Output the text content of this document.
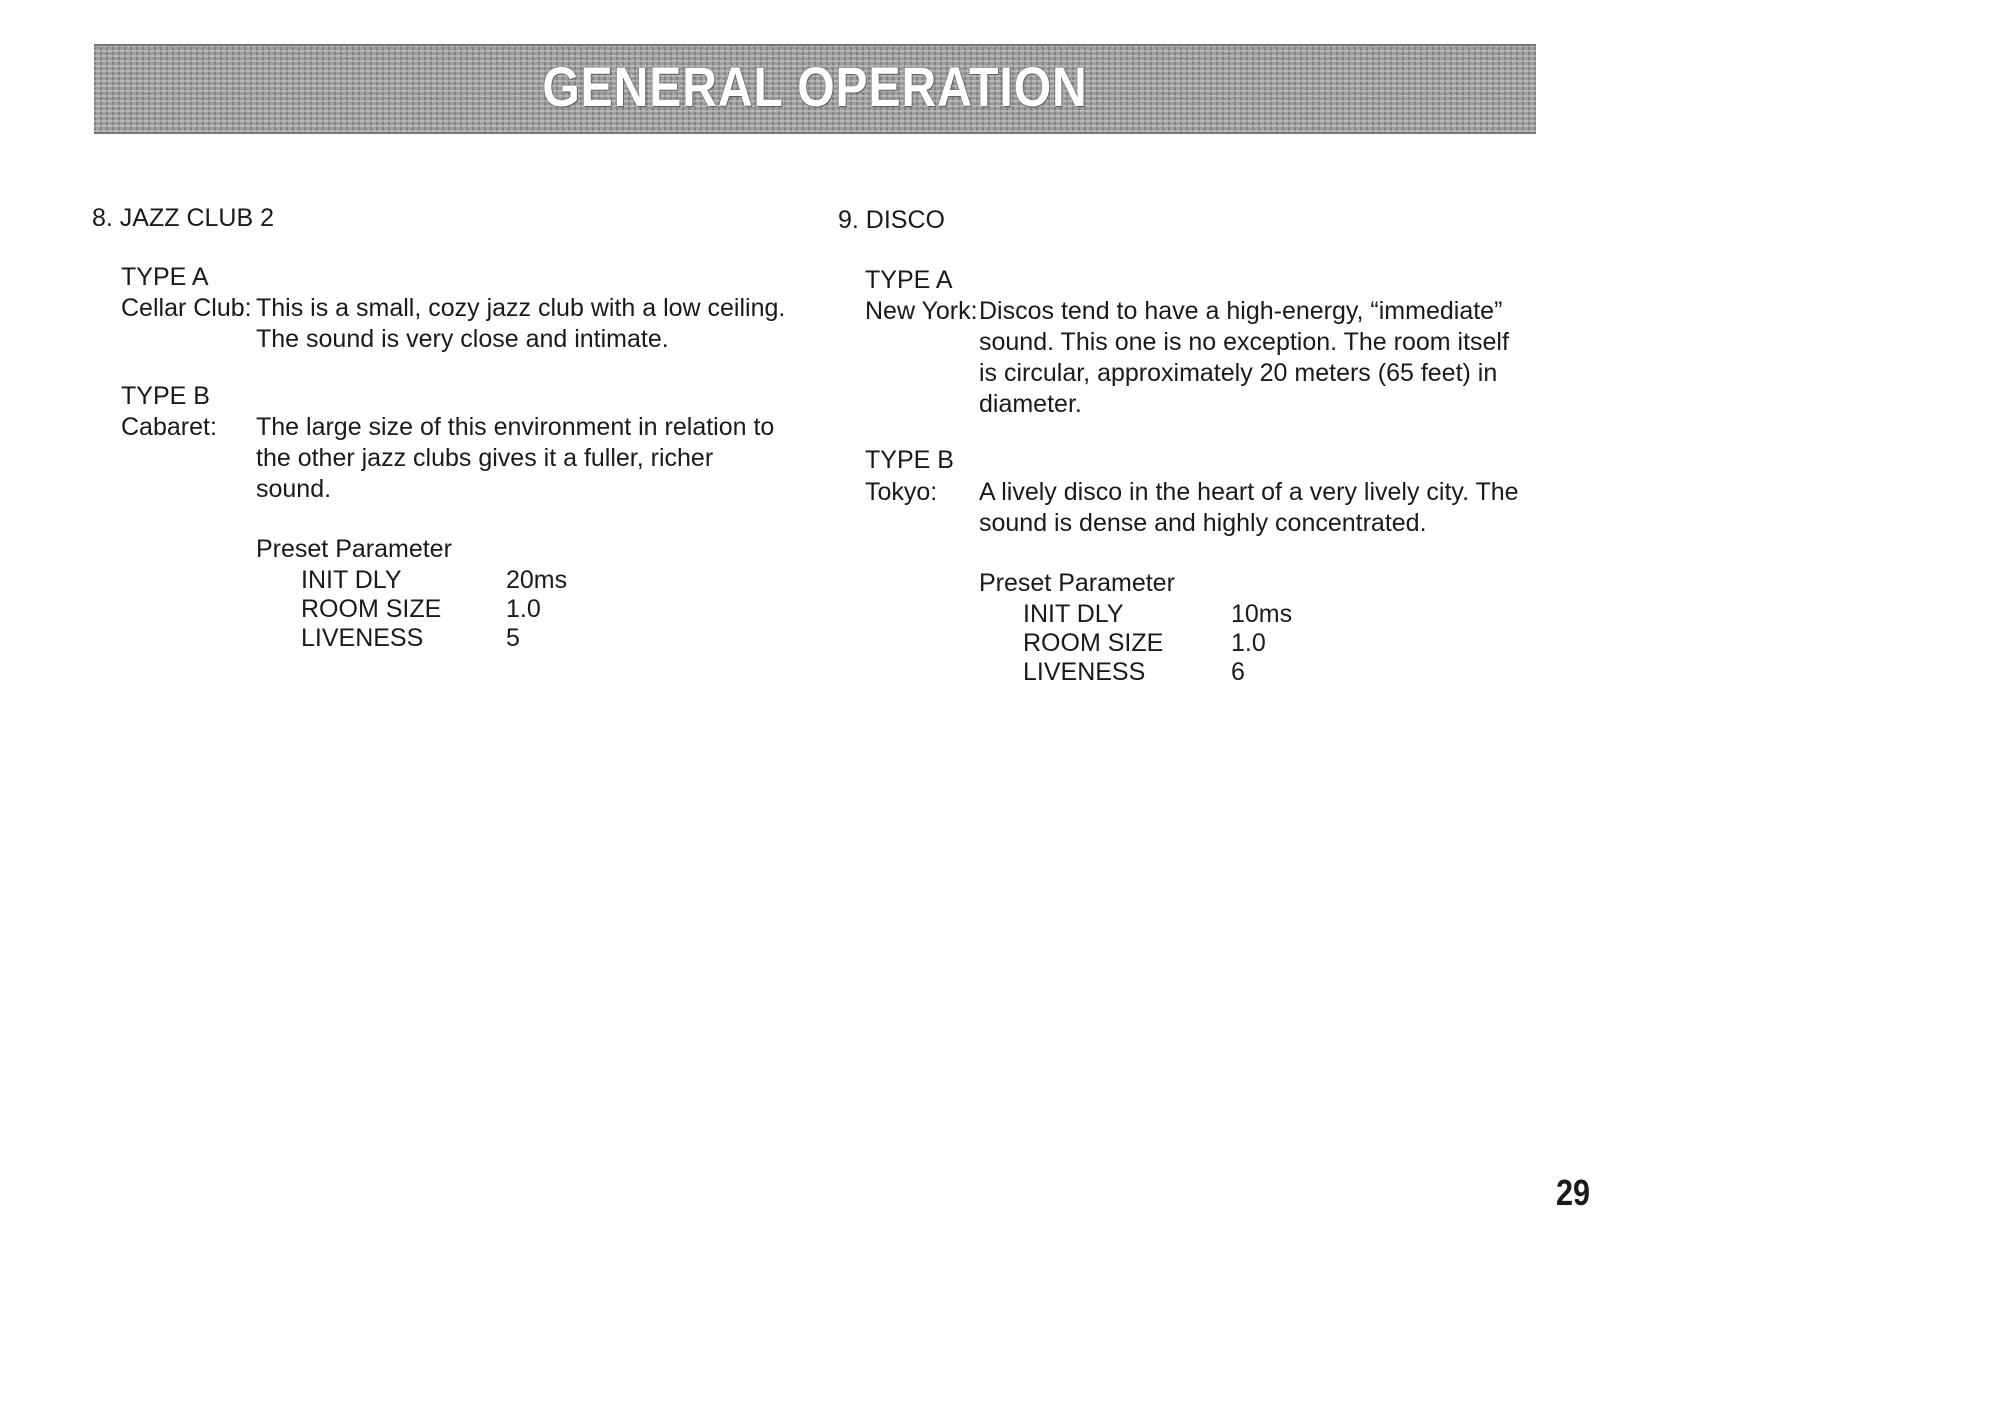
GENERAL OPERATION
8. JAZZ CLUB 2
TYPE A
Cellar Club: This is a small, cozy jazz club with a low ceiling.
The sound is very close and intimate.
TYPE B
Cabaret: The large size of this environment in relation to
the other jazz clubs gives it a fuller, richer
sound.
Preset Parameter
INIT DLY	20ms
ROOM SIZE	1.0
LIVENESS	5
9. DISCO
TYPE A
New York: Discos tend to have a high-energy, “immediate”
sound. This one is no exception. The room itself
is circular, approximately 20 meters (65 feet) in
diameter.
TYPE B
Tokyo: A lively disco in the heart of a very lively city. The
sound is dense and highly concentrated.
Preset Parameter
INIT DLY	10ms
ROOM SIZE	1.0
LIVENESS	6
29
